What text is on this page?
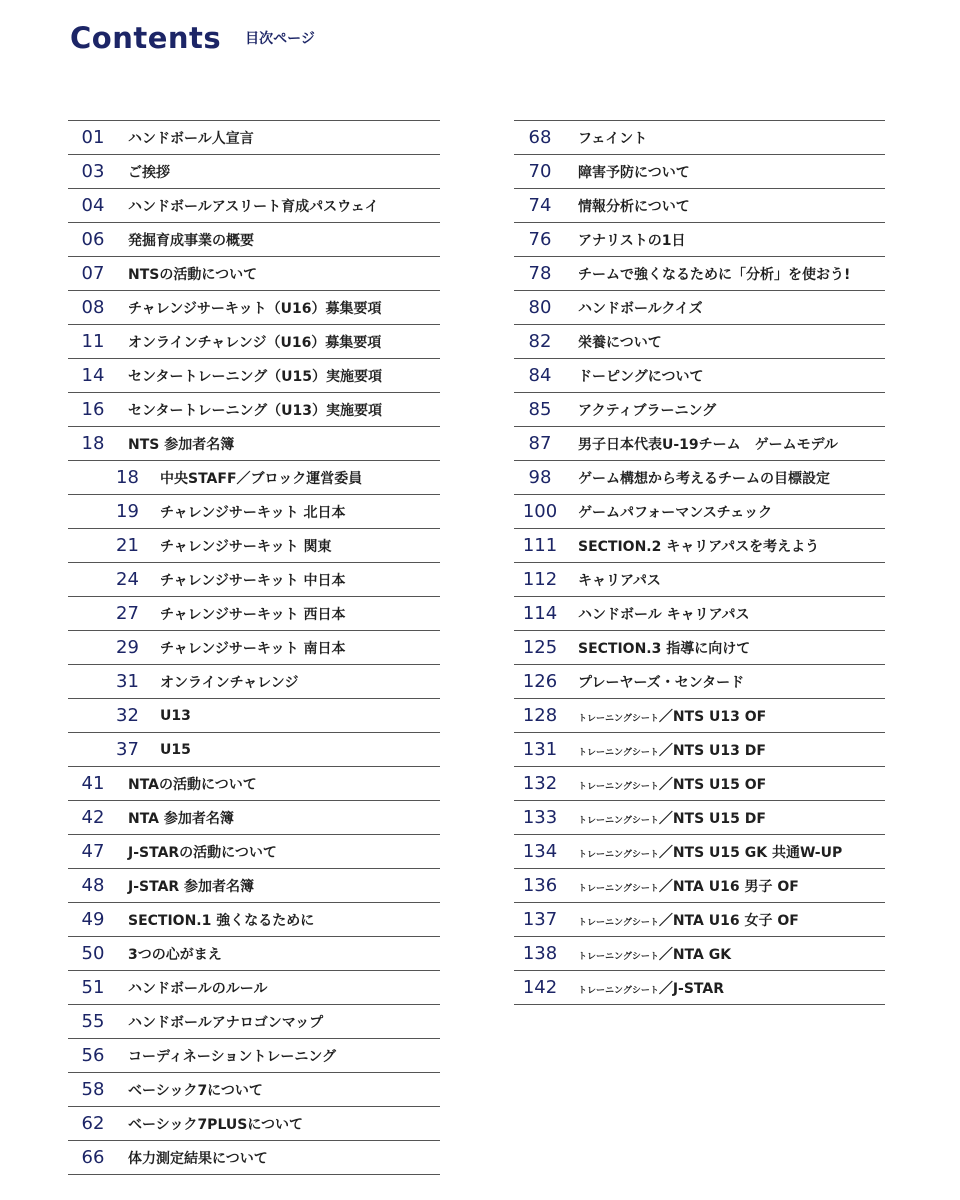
Contents 目次ページ
01	ハンドボール人宣言
03	ご挨拶
04	ハンドボールアスリート育成パスウェイ
06	発掘育成事業の概要
07	NTSの活動について
08	チャレンジサーキット（U16）募集要項
11	オンラインチャレンジ（U16）募集要項
14	センタートレーニング（U15）実施要項
16	センタートレーニング（U13）実施要項
18	NTS 参加者名簿
18	中央STAFF／ブロック運営委員
19	チャレンジサーキット 北日本
21	チャレンジサーキット 関東
24	チャレンジサーキット 中日本
27	チャレンジサーキット 西日本
29	チャレンジサーキット 南日本
31	オンラインチャレンジ
32	U13
37	U15
41	NTAの活動について
42	NTA 参加者名簿
47	J-STARの活動について
48	J-STAR 参加者名簿
49	SECTION.1 強くなるために
50	3つの心がまえ
51	ハンドボールのルール
55	ハンドボールアナロゴンマップ
56	コーディネーショントレーニング
58	ベーシック7について
62	ベーシック7PLUSについて
66	体力測定結果について
68	フェイント
70	障害予防について
74	情報分析について
76	アナリストの1日
78	チームで強くなるために「分析」を使おう!
80	ハンドボールクイズ
82	栄養について
84	ドーピングについて
85	アクティブラーニング
87	男子日本代表U-19チーム　ゲームモデル
98	ゲーム構想から考えるチームの目標設定
100	ゲームパフォーマンスチェック
111	SECTION.2 キャリアパスを考えよう
112	キャリアパス
114	ハンドボール キャリアパス
125	SECTION.3 指導に向けて
126	プレーヤーズ・センタード
128	トレーニングシート／NTS U13 OF
131	トレーニングシート／NTS U13 DF
132	トレーニングシート／NTS U15 OF
133	トレーニングシート／NTS U15 DF
134	トレーニングシート／NTS U15 GK 共通W-UP
136	トレーニングシート／NTA U16 男子 OF
137	トレーニングシート／NTA U16 女子 OF
138	トレーニングシート／NTA GK
142	トレーニングシート／J-STAR
